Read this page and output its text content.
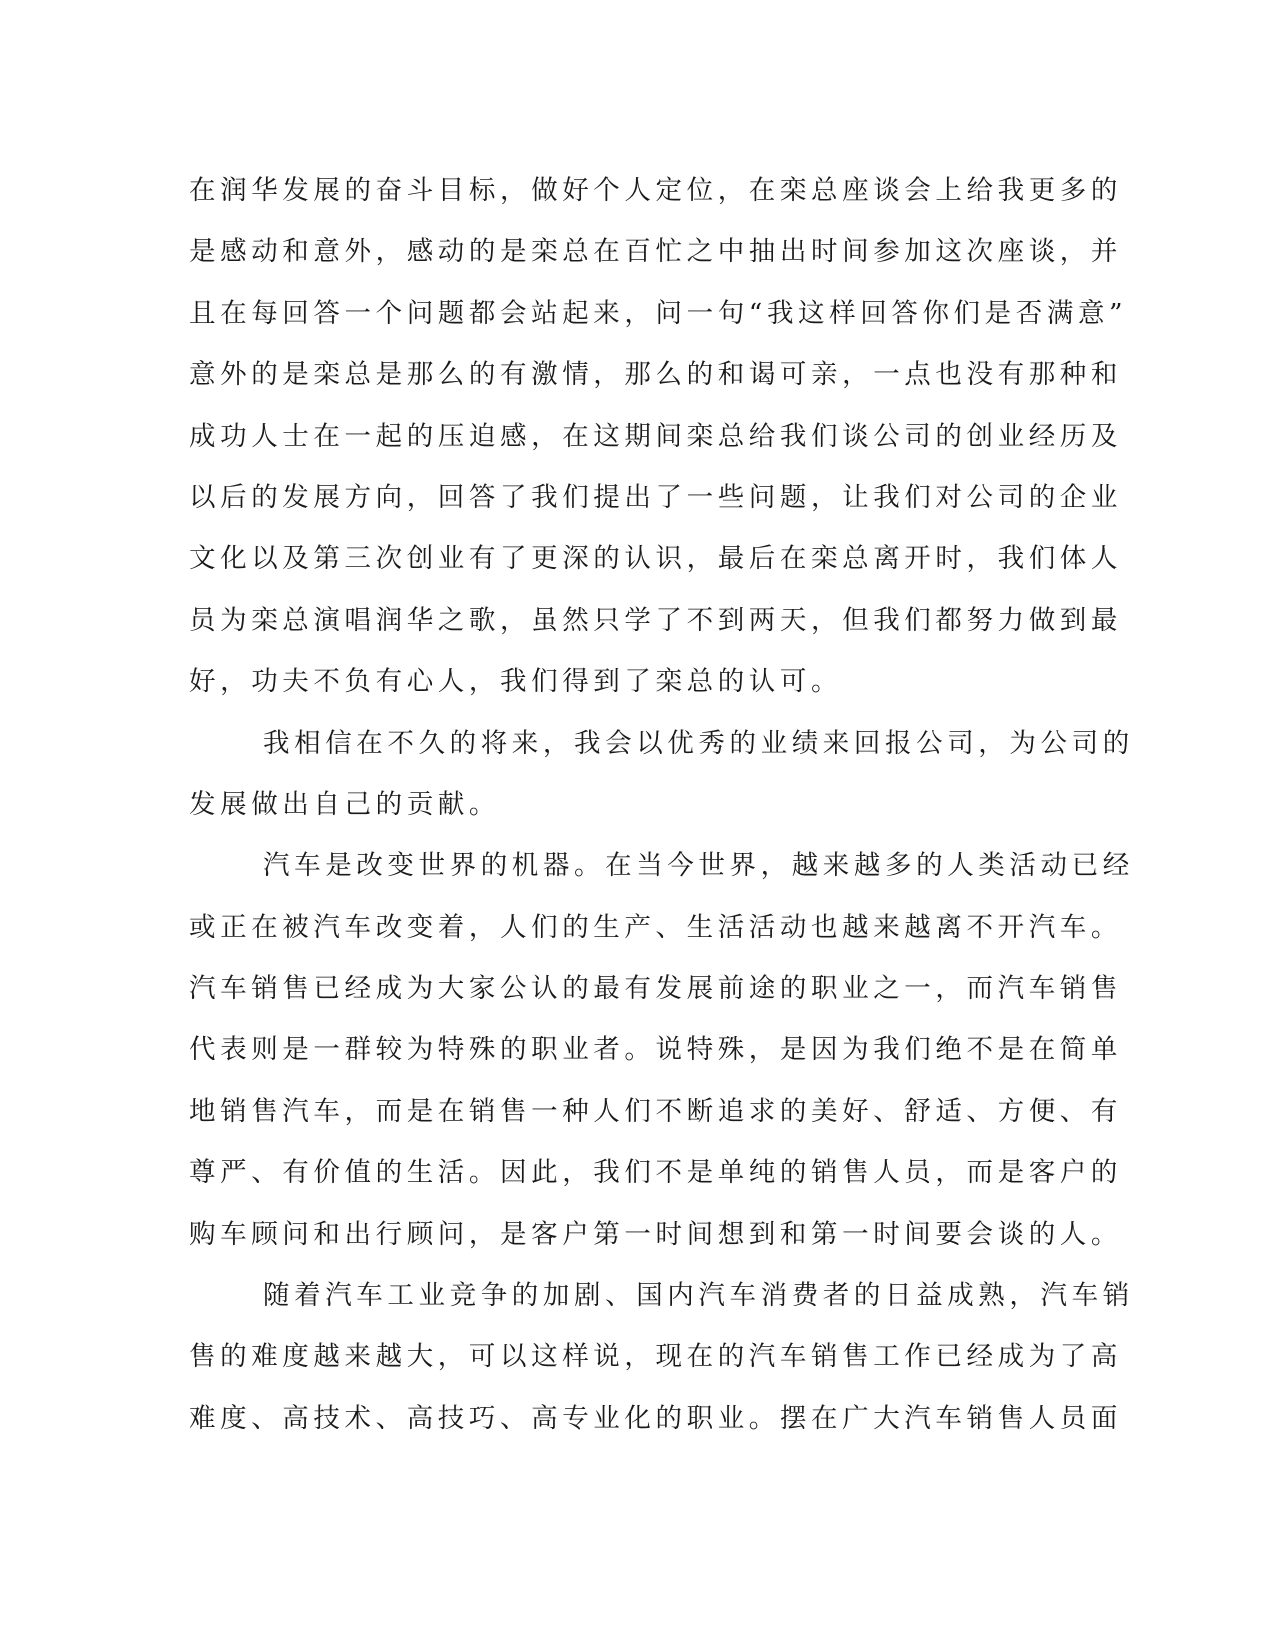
在润华发展的奋斗目标，做好个人定位，在栾总座谈会上给我更多的
是感动和意外，感动的是栾总在百忙之中抽出时间参加这次座谈，并
且在每回答一个问题都会站起来，问一句“我这样回答你们是否满意”
意外的是栾总是那么的有激情，那么的和谒可亲，一点也没有那种和
成功人士在一起的压迫感，在这期间栾总给我们谈公司的创业经历及
以后的发展方向，回答了我们提出了一些问题，让我们对公司的企业
文化以及第三次创业有了更深的认识，最后在栾总离开时，我们体人
员为栾总演唱润华之歌，虽然只学了不到两天，但我们都努力做到最
好，功夫不负有心人，我们得到了栾总的认可。
我相信在不久的将来，我会以优秀的业绩来回报公司，为公司的
发展做出自己的贡献。
汽车是改变世界的机器。在当今世界，越来越多的人类活动已经
或正在被汽车改变着，人们的生产、生活活动也越来越离不开汽车。
汽车销售已经成为大家公认的最有发展前途的职业之一，而汽车销售
代表则是一群较为特殊的职业者。说特殊，是因为我们绝不是在简单
地销售汽车，而是在销售一种人们不断追求的美好、舒适、方便、有
尊严、有价值的生活。因此，我们不是单纯的销售人员，而是客户的
购车顾问和出行顾问，是客户第一时间想到和第一时间要会谈的人。
随着汽车工业竞争的加剧、国内汽车消费者的日益成熟，汽车销
售的难度越来越大，可以这样说，现在的汽车销售工作已经成为了高
难度、高技术、高技巧、高专业化的职业。摆在广大汽车销售人员面
